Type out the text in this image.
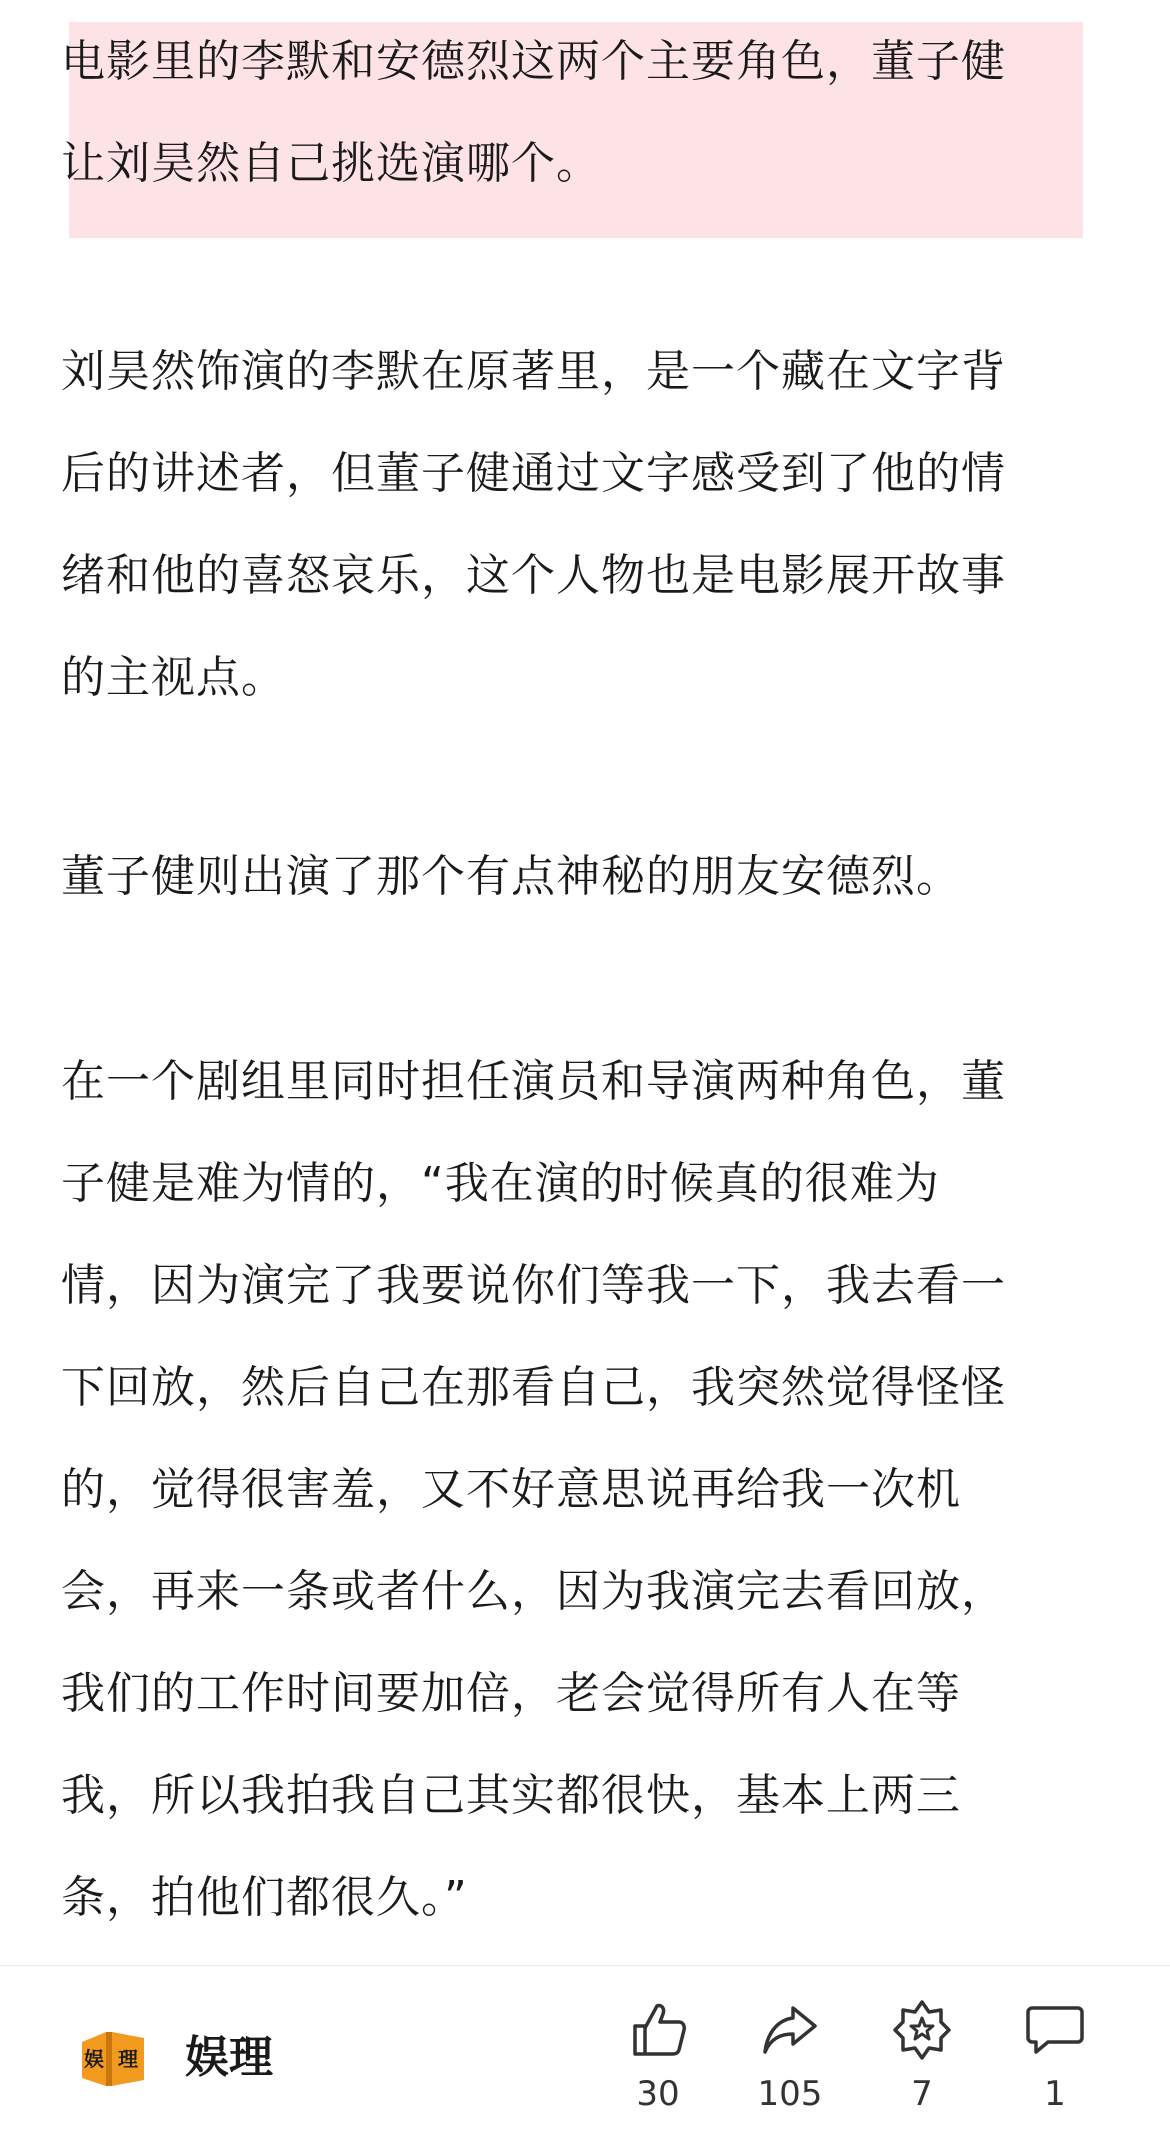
电影里的李默和安德烈这两个主要角色，董子健
让刘昊然自己挑选演哪个。

刘昊然饰演的李默在原著里，是一个藏在文字背
后的讲述者，但董子健通过文字感受到了他的情
绪和他的喜怒哀乐，这个人物也是电影展开故事
的主视点。

董子健则出演了那个有点神秘的朋友安德烈。

在一个剧组里同时担任演员和导演两种角色，董
子健是难为情的，“我在演的时候真的很难为
情，因为演完了我要说你们等我一下，我去看一
下回放，然后自己在那看自己，我突然觉得怪怪
的，觉得很害羞，又不好意思说再给我一次机
会，再来一条或者什么，因为我演完去看回放，
我们的工作时间要加倍，老会觉得所有人在等
我，所以我拍我自己其实都很快，基本上两三
条，拍他们都很久。”

娱 理 娱理
30	105	7	1
